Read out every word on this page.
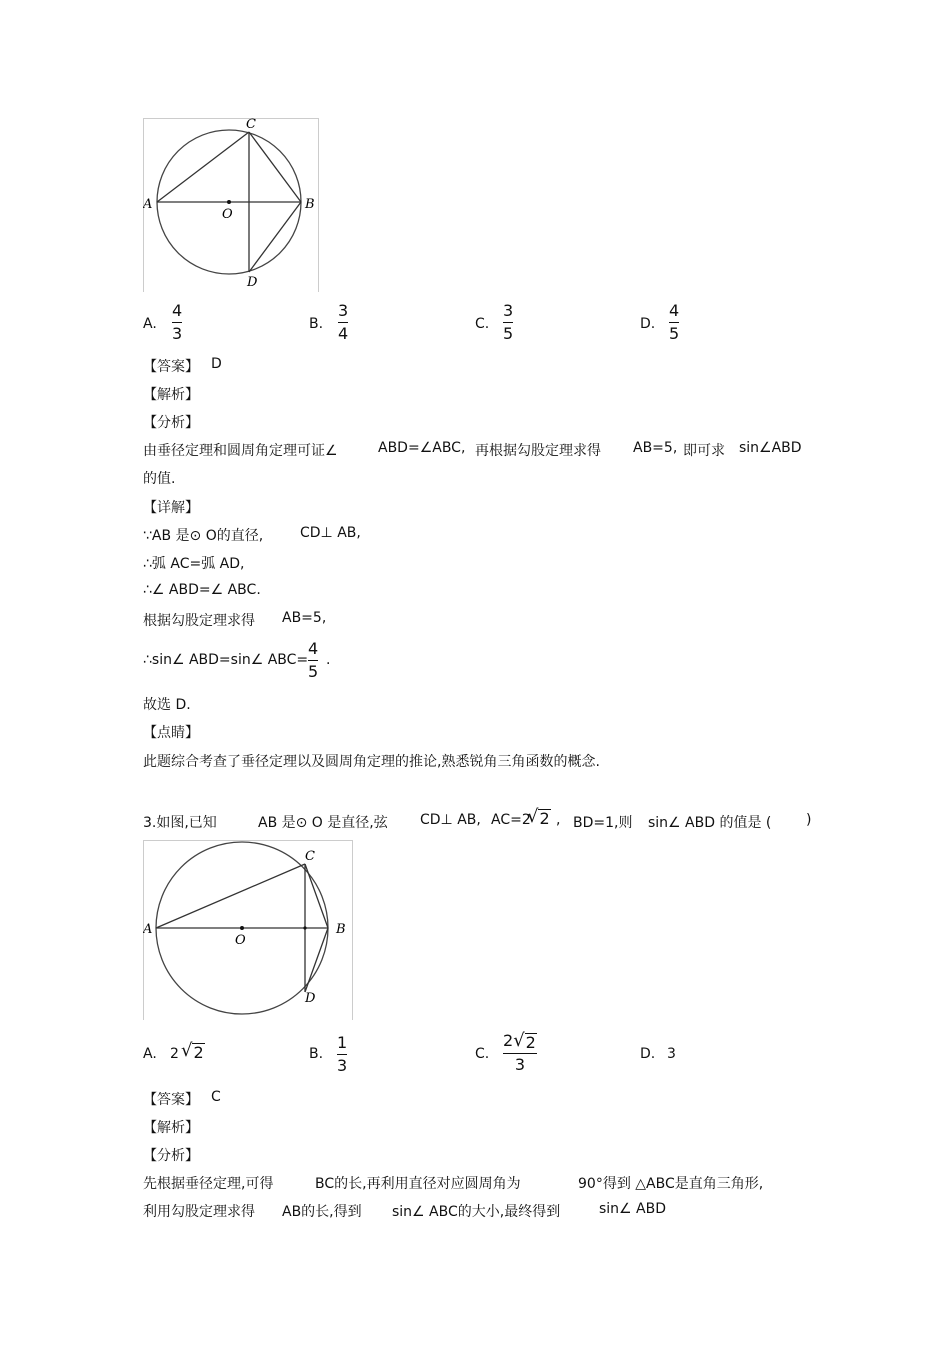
A	B
C
D
O
A.
4
3	B.
3
4	C.
3
5	D.
4
5
【答案】 D
【解析】
【分析】
由垂径定理和圆周角定理可证∠	ABD=∠ABC, 再根据勾股定理求得 AB=5, 即可求 sin∠ABD
的值.
【详解】
∵AB 是⊙ O的直径,	CD⊥ AB,
∴弧 AC=弧 AD,
∴∠ ABD=∠ ABC.
根据勾股定理求得 AB=5,
∴sin∠ ABD=sin∠ ABC=
4
5
.
故选 D.
【点睛】
此题综合考查了垂径定理以及圆周角定理的推论,熟悉锐角三角函数的概念.
3.如图,已知	AB 是⊙ O 是直径,弦 CD⊥ AB, AC=2
√ 2 , BD=1,则 sin∠ ABD 的值是 ( )
A	B
C
D
O
A. 2 √ 2	B.
1
3
C.
2 √ 2
3
D. 3
【答案】 C
【解析】
【分析】
先根据垂径定理,可得	BC的长,再利用直径对应圆周角为	90°得到 △ABC是直角三角形,
利用勾股定理求得 AB的长,得到 sin∠ ABC的大小,最终得到	sin∠ ABD
